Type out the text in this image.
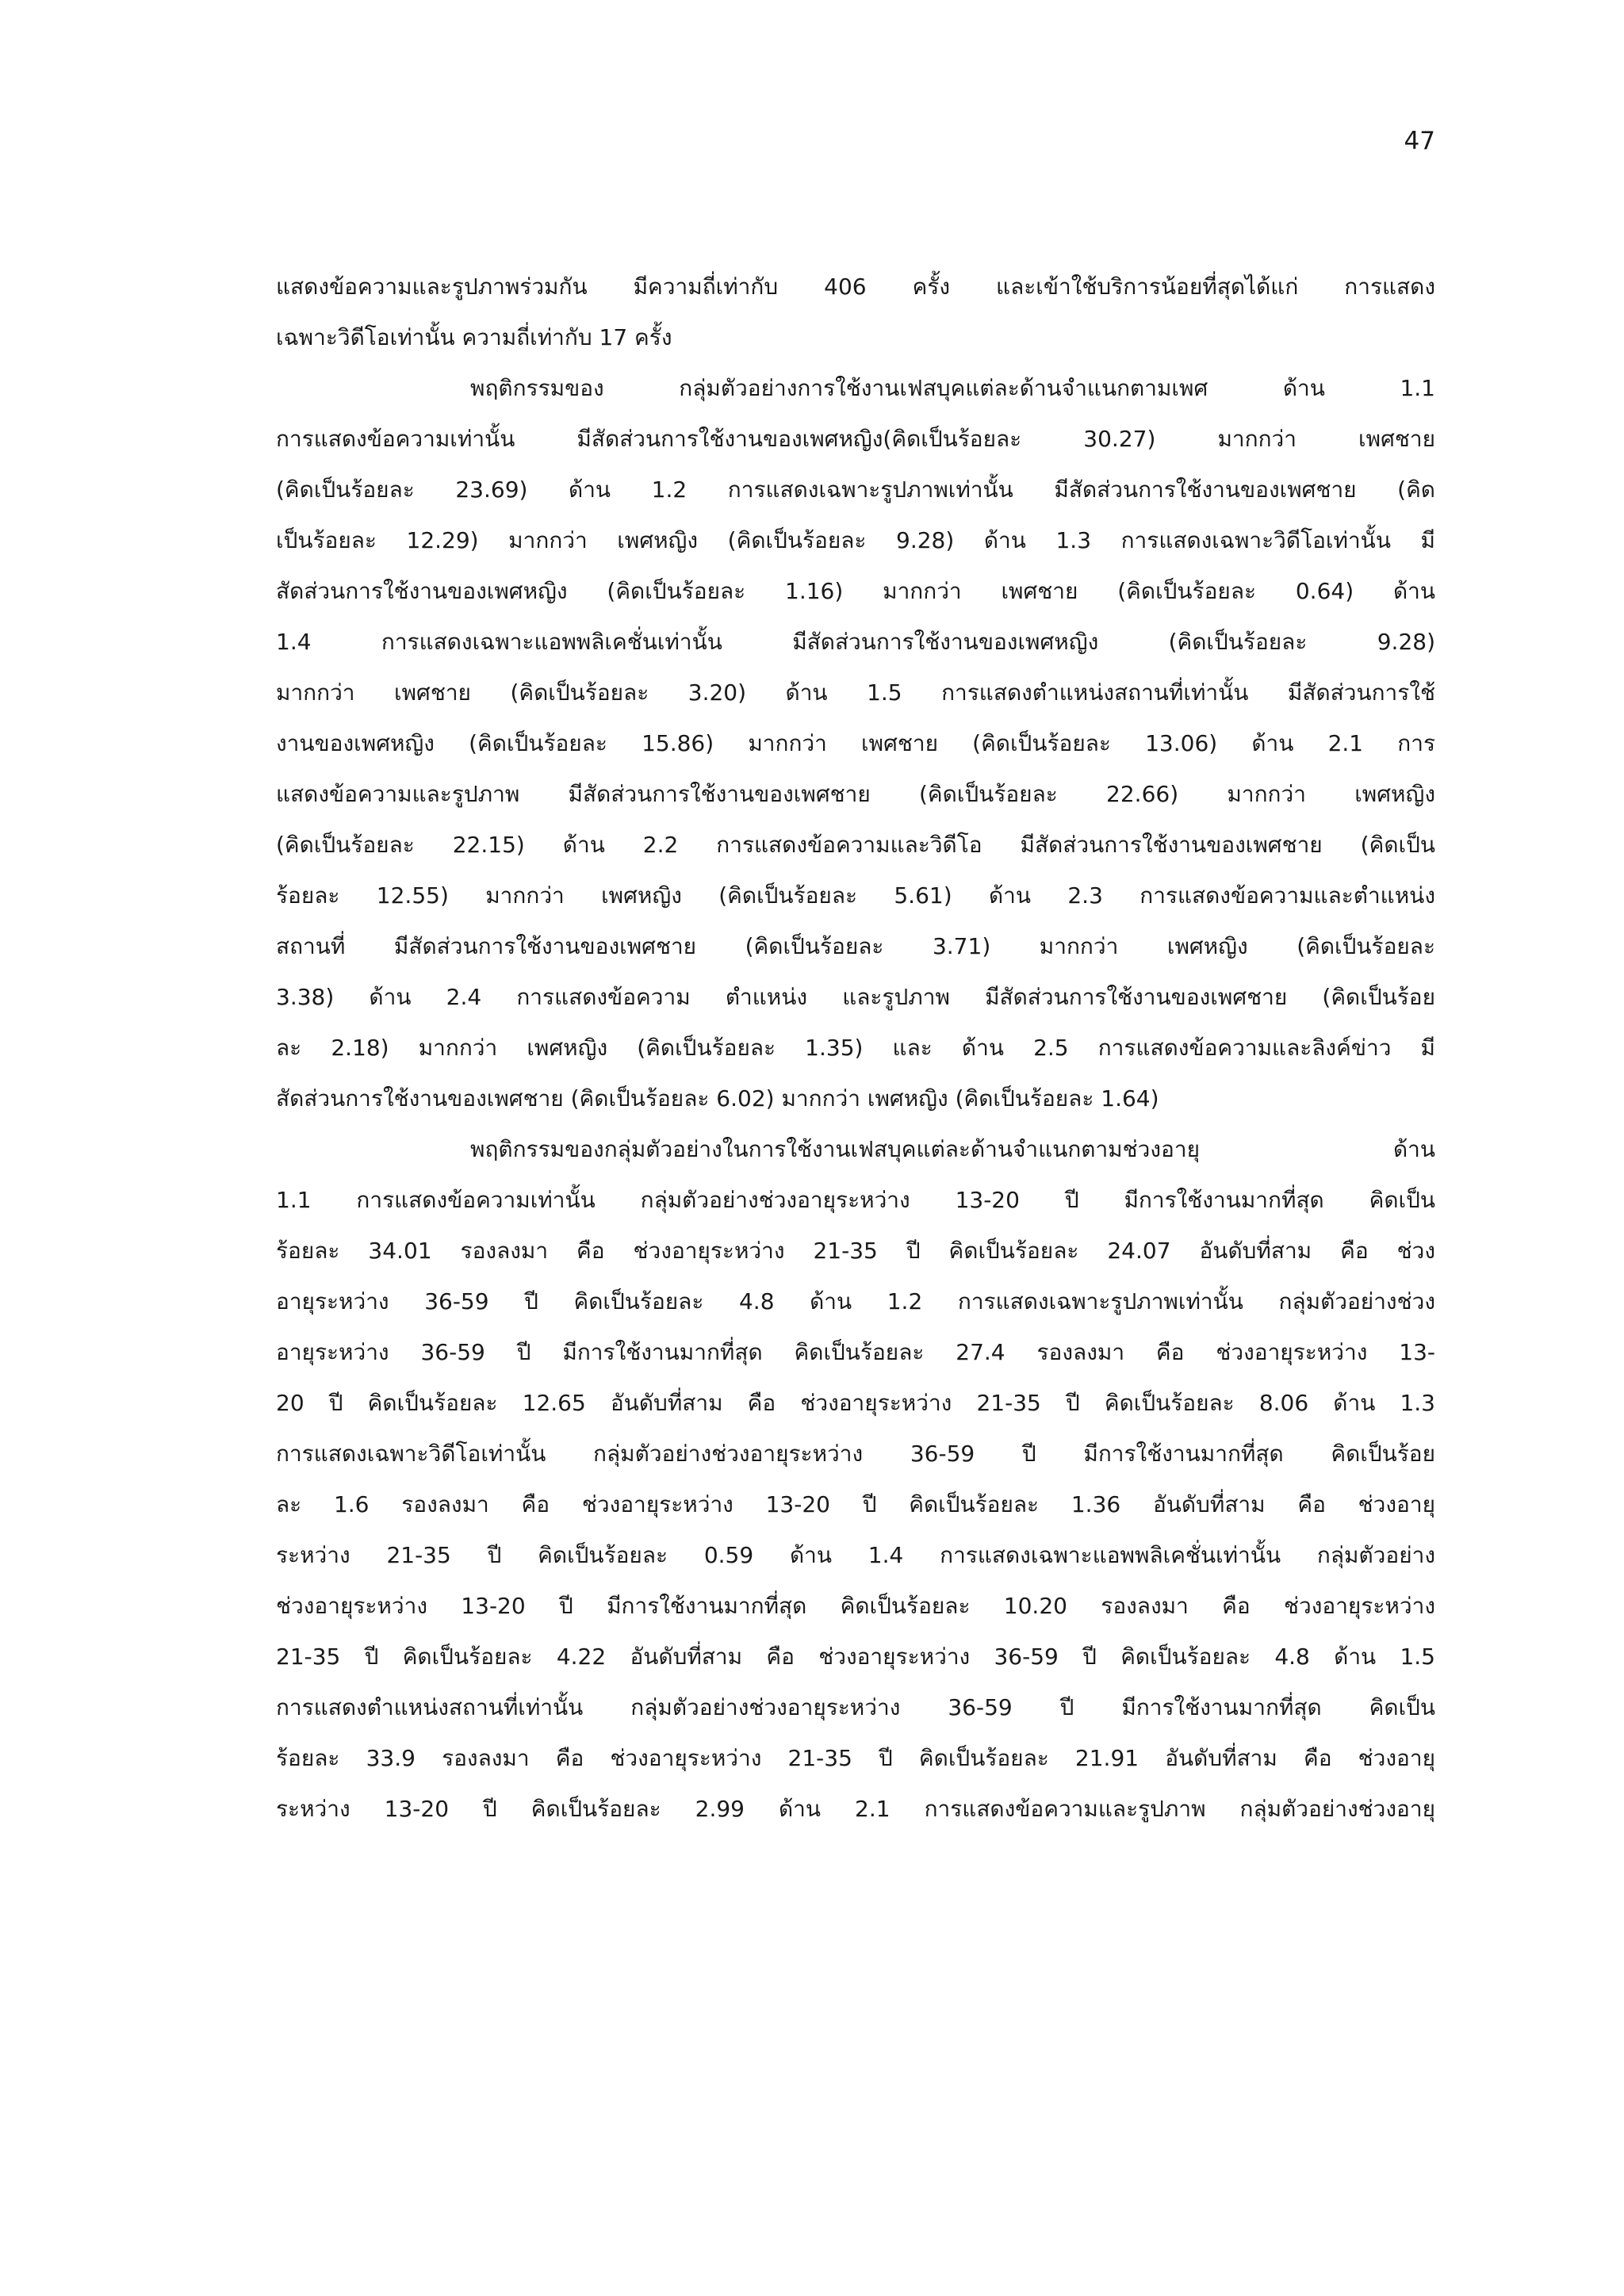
47
แสดงข้อความและรูปภาพร่วมกัน มีความถี่เท่ากับ 406 ครั้ง และเข้าใช้บริการน้อยที่สุดได้แก่ การแสดง
เฉพาะวิดีโอเท่านั้น ความถี่เท่ากับ 17 ครั้ง
พฤติกรรมของ กลุ่มตัวอย่างการใช้งานเฟสบุคแต่ละด้านจำแนกตามเพศ ด้าน 1.1
การแสดงข้อความเท่านั้น มีสัดส่วนการใช้งานของเพศหญิง(คิดเป็นร้อยละ 30.27) มากกว่า เพศชาย
(คิดเป็นร้อยละ 23.69) ด้าน 1.2 การแสดงเฉพาะรูปภาพเท่านั้น มีสัดส่วนการใช้งานของเพศชาย (คิด
เป็นร้อยละ 12.29) มากกว่า เพศหญิง (คิดเป็นร้อยละ 9.28) ด้าน 1.3 การแสดงเฉพาะวิดีโอเท่านั้น มี
สัดส่วนการใช้งานของเพศหญิง (คิดเป็นร้อยละ 1.16) มากกว่า เพศชาย (คิดเป็นร้อยละ 0.64) ด้าน
1.4 การแสดงเฉพาะแอพพลิเคชั่นเท่านั้น มีสัดส่วนการใช้งานของเพศหญิง (คิดเป็นร้อยละ 9.28)
มากกว่า เพศชาย (คิดเป็นร้อยละ 3.20) ด้าน 1.5 การแสดงตำแหน่งสถานที่เท่านั้น มีสัดส่วนการใช้
งานของเพศหญิง (คิดเป็นร้อยละ 15.86) มากกว่า เพศชาย (คิดเป็นร้อยละ 13.06) ด้าน 2.1 การ
แสดงข้อความและรูปภาพ มีสัดส่วนการใช้งานของเพศชาย (คิดเป็นร้อยละ 22.66) มากกว่า เพศหญิง
(คิดเป็นร้อยละ 22.15) ด้าน 2.2 การแสดงข้อความและวิดีโอ มีสัดส่วนการใช้งานของเพศชาย (คิดเป็น
ร้อยละ 12.55) มากกว่า เพศหญิง (คิดเป็นร้อยละ 5.61) ด้าน 2.3 การแสดงข้อความและตำแหน่ง
สถานที่ มีสัดส่วนการใช้งานของเพศชาย (คิดเป็นร้อยละ 3.71) มากกว่า เพศหญิง (คิดเป็นร้อยละ
3.38) ด้าน 2.4 การแสดงข้อความ ตำแหน่ง และรูปภาพ มีสัดส่วนการใช้งานของเพศชาย (คิดเป็นร้อย
ละ 2.18) มากกว่า เพศหญิง (คิดเป็นร้อยละ 1.35) และ ด้าน 2.5 การแสดงข้อความและลิงค์ข่าว มี
สัดส่วนการใช้งานของเพศชาย (คิดเป็นร้อยละ 6.02) มากกว่า เพศหญิง (คิดเป็นร้อยละ 1.64)
พฤติกรรมของกลุ่มตัวอย่างในการใช้งานเฟสบุคแต่ละด้านจำแนกตามช่วงอายุ ด้าน
1.1 การแสดงข้อความเท่านั้น กลุ่มตัวอย่างช่วงอายุระหว่าง 13-20 ปี มีการใช้งานมากที่สุด คิดเป็น
ร้อยละ 34.01 รองลงมา คือ ช่วงอายุระหว่าง 21-35 ปี คิดเป็นร้อยละ 24.07 อันดับที่สาม คือ ช่วง
อายุระหว่าง 36-59 ปี คิดเป็นร้อยละ 4.8 ด้าน 1.2 การแสดงเฉพาะรูปภาพเท่านั้น กลุ่มตัวอย่างช่วง
อายุระหว่าง 36-59 ปี มีการใช้งานมากที่สุด คิดเป็นร้อยละ 27.4 รองลงมา คือ ช่วงอายุระหว่าง 13-
20 ปี คิดเป็นร้อยละ 12.65 อันดับที่สาม คือ ช่วงอายุระหว่าง 21-35 ปี คิดเป็นร้อยละ 8.06 ด้าน 1.3
การแสดงเฉพาะวิดีโอเท่านั้น กลุ่มตัวอย่างช่วงอายุระหว่าง 36-59 ปี มีการใช้งานมากที่สุด คิดเป็นร้อย
ละ 1.6 รองลงมา คือ ช่วงอายุระหว่าง 13-20 ปี คิดเป็นร้อยละ 1.36 อันดับที่สาม คือ ช่วงอายุ
ระหว่าง 21-35 ปี คิดเป็นร้อยละ 0.59 ด้าน 1.4 การแสดงเฉพาะแอพพลิเคชั่นเท่านั้น กลุ่มตัวอย่าง
ช่วงอายุระหว่าง 13-20 ปี มีการใช้งานมากที่สุด คิดเป็นร้อยละ 10.20 รองลงมา คือ ช่วงอายุระหว่าง
21-35 ปี คิดเป็นร้อยละ 4.22 อันดับที่สาม คือ ช่วงอายุระหว่าง 36-59 ปี คิดเป็นร้อยละ 4.8 ด้าน 1.5
การแสดงตำแหน่งสถานที่เท่านั้น กลุ่มตัวอย่างช่วงอายุระหว่าง 36-59 ปี มีการใช้งานมากที่สุด คิดเป็น
ร้อยละ 33.9 รองลงมา คือ ช่วงอายุระหว่าง 21-35 ปี คิดเป็นร้อยละ 21.91 อันดับที่สาม คือ ช่วงอายุ
ระหว่าง 13-20 ปี คิดเป็นร้อยละ 2.99 ด้าน 2.1 การแสดงข้อความและรูปภาพ กลุ่มตัวอย่างช่วงอายุ
